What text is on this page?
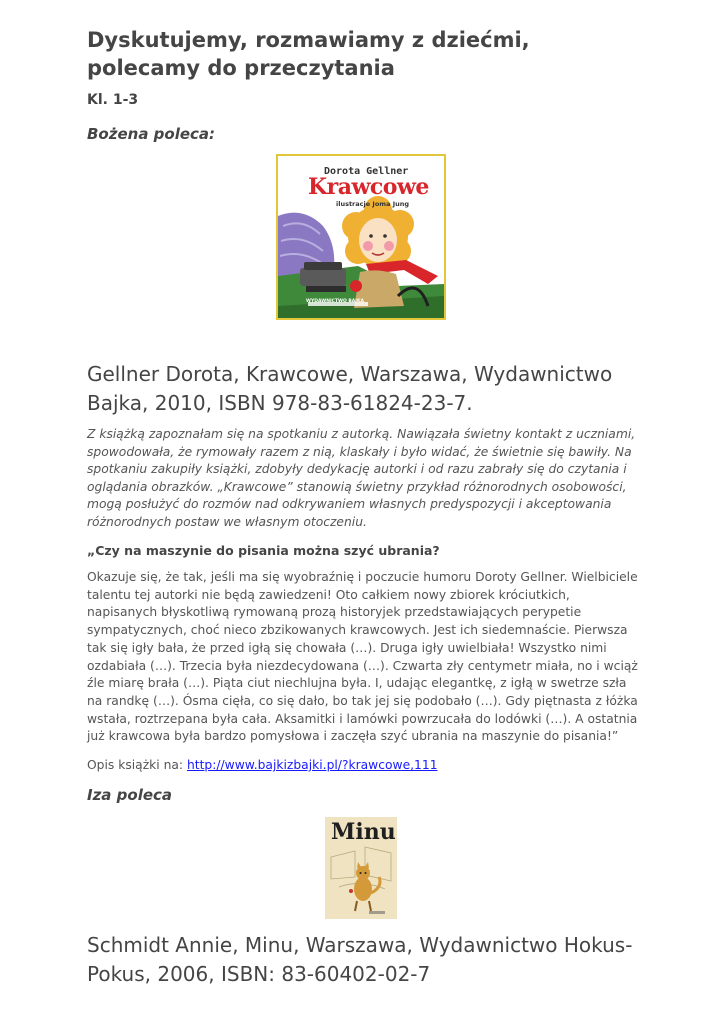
Dyskutujemy, rozmawiamy z dziećmi, polecamy do przeczytania
Kl. 1-3
Bożena poleca:
Dorota Gellner
Krawcowe
ilustracje Joma Jung
WYDAWNICTWO BAJKA
Gellner Dorota, Krawcowe, Warszawa, Wydawnictwo Bajka, 2010, ISBN 978-83-61824-23-7.
Z książką zapoznałam się na spotkaniu z autorką. Nawiązała świetny kontakt z uczniami, spowodowała, że rymowały razem z nią, klaskały i było widać, że świetnie się bawiły. Na spotkaniu zakupiły książki, zdobyły dedykację autorki i od razu zabrały się do czytania i oglądania obrazków. „Krawcowe” stanowią świetny przykład różnorodnych osobowości, mogą posłużyć do rozmów nad odkrywaniem własnych predyspozycji i akceptowania różnorodnych postaw we własnym otoczeniu.
„Czy na maszynie do pisania można szyć ubrania?
Okazuje się, że tak, jeśli ma się wyobraźnię i poczucie humoru Doroty Gellner. Wielbiciele talentu tej autorki nie będą zawiedzeni! Oto całkiem nowy zbiorek króciutkich, napisanych błyskotliwą rymowaną prozą historyjek przedstawiających perypetie sympatycznych, choć nieco zbzikowanych krawcowych. Jest ich siedemnaście. Pierwsza tak się igły bała, że przed igłą się chowała (…). Druga igły uwielbiała! Wszystko nimi ozdabiała (…). Trzecia była niezdecydowana (…). Czwarta zły centymetr miała, no i wciąż źle miarę brała (…). Piąta ciut niechlujna była. I, udając elegantkę, z igłą w swetrze szła na randkę (…). Ósma cięła, co się dało, bo tak jej się podobało (…). Gdy piętnasta z łóżka wstała, roztrzepana była cała. Aksamitki i lamówki powrzucała do lodówki (…). A ostatnia już krawcowa była bardzo pomysłowa i zaczęła szyć ubrania na maszynie do pisania!”
Opis książki na: http://www.bajkizbajki.pl/?krawcowe,111
Iza poleca
Minu
Schmidt Annie, Minu, Warszawa, Wydawnictwo Hokus-Pokus, 2006, ISBN: 83-60402-02-7
